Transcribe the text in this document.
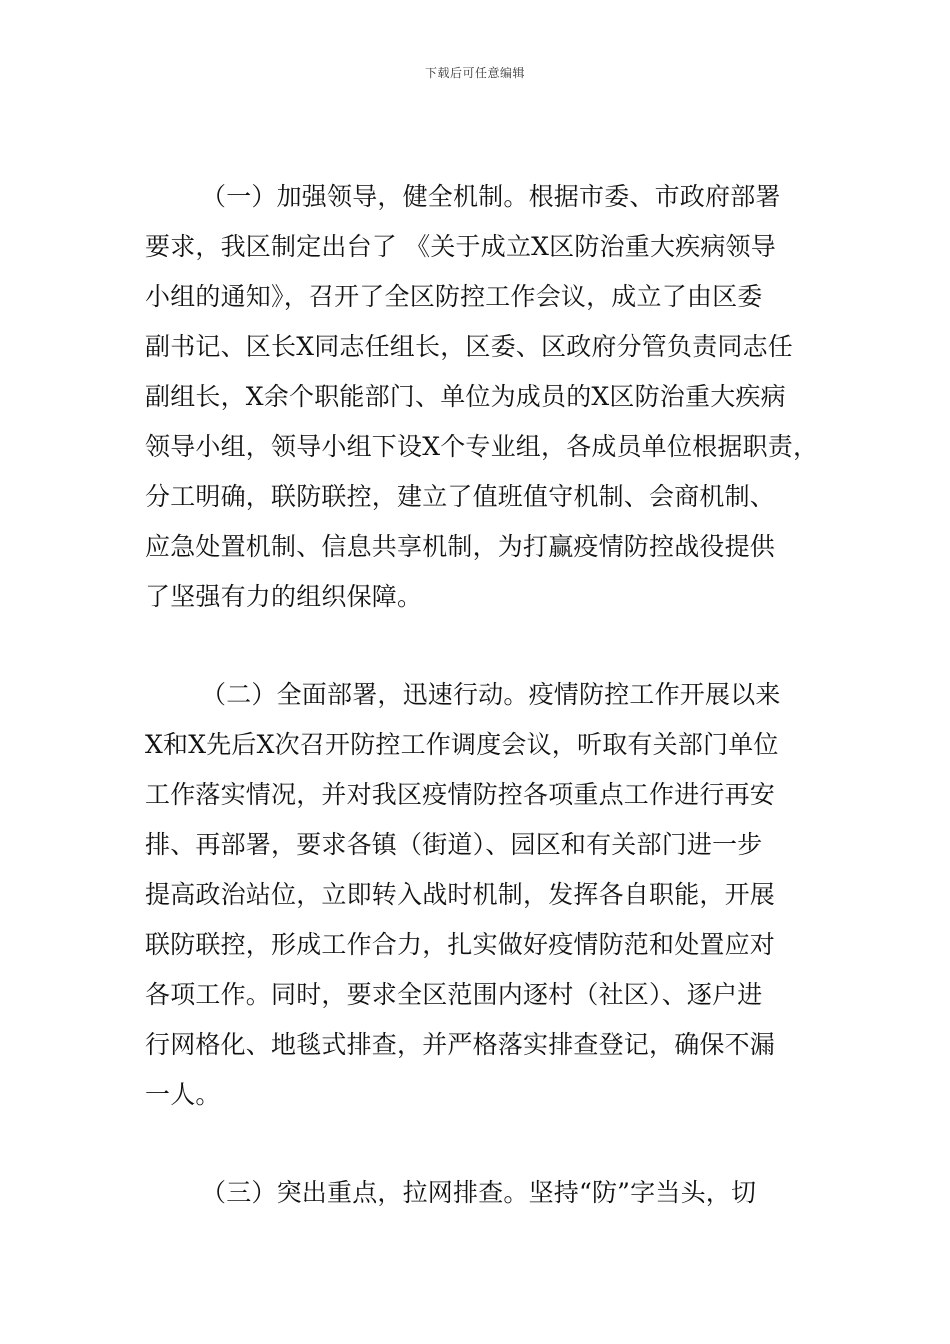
下载后可任意编辑
（一）加强领导，健全机制。根据市委、市政府部署
要求，我区制定出台了 《关于成立X区防治重大疾病领导
小组的通知》，召开了全区防控工作会议，成立了由区委
副书记、区长X同志任组长，区委、区政府分管负责同志任
副组长，X余个职能部门、单位为成员的X区防治重大疾病
领导小组，领导小组下设X个专业组，各成员单位根据职责，
分工明确，联防联控，建立了值班值守机制、会商机制、
应急处置机制、信息共享机制，为打赢疫情防控战役提供
了坚强有力的组织保障。
（二）全面部署，迅速行动。疫情防控工作开展以来
X和X先后X次召开防控工作调度会议，听取有关部门单位
工作落实情况，并对我区疫情防控各项重点工作进行再安
排、再部署，要求各镇（街道）、园区和有关部门进一步
提高政治站位，立即转入战时机制，发挥各自职能，开展
联防联控，形成工作合力，扎实做好疫情防范和处置应对
各项工作。同时，要求全区范围内逐村（社区）、逐户进
行网格化、地毯式排查，并严格落实排查登记，确保不漏
一人。
（三）突出重点，拉网排查。坚持“防”字当头，切
